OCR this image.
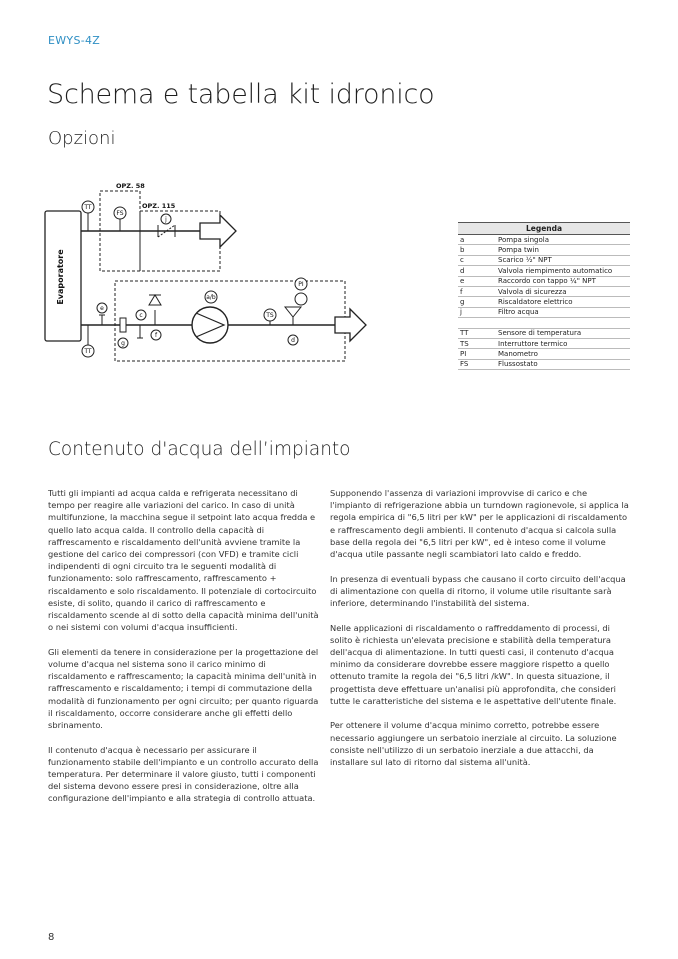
EWYS-4Z
Schema e tabella kit idronico
Opzioni
Evaporatore
OPZ. 58
OPZ. 115
TT
FS
j
TT
e
g
c
f
a/b
TS
PI
d
Legenda
a	Pompa singola
b	Pompa twin
c	Scarico ½" NPT
d	Valvola riempimento automatico
e	Raccordo con tappo ¼" NPT
f	Valvola di sicurezza
g	Riscaldatore elettrico
j	Filtro acqua
TT	Sensore di temperatura
TS	Interruttore termico
PI	Manometro
FS	Flussostato
Contenuto d'acqua dell’impianto

Tutti gli impianti ad acqua calda e refrigerata necessitano di tempo per reagire alle variazioni del carico. In caso di unità multifunzione, la macchina segue il setpoint lato acqua fredda e quello lato acqua calda. Il controllo della capacità di raffrescamento e riscaldamento dell'unità avviene tramite la gestione del carico dei compressori (con VFD) e tramite cicli indipendenti di ogni circuito tra le seguenti modalità di funzionamento: solo raffrescamento, raffrescamento + riscaldamento e solo riscaldamento. Il potenziale di cortocircuito esiste, di solito, quando il carico di raffrescamento e riscaldamento scende al di sotto della capacità minima dell'unità o nei sistemi con volumi d'acqua insufficienti.

Gli elementi da tenere in considerazione per la progettazione del volume d'acqua nel sistema sono il carico minimo di riscaldamento e raffrescamento; la capacità minima dell'unità in raffrescamento e riscaldamento; i tempi di commutazione della modalità di funzionamento per ogni circuito; per quanto riguarda il riscaldamento, occorre considerare anche gli effetti dello sbrinamento.

Il contenuto d'acqua è necessario per assicurare il funzionamento stabile dell'impianto e un controllo accurato della temperatura. Per determinare il valore giusto, tutti i componenti del sistema devono essere presi in considerazione, oltre alla configurazione dell'impianto e alla strategia di controllo attuata.

Supponendo l'assenza di variazioni improvvise di carico e che l'impianto di refrigerazione abbia un turndown ragionevole, si applica la regola empirica di "6,5 litri per kW" per le applicazioni di riscaldamento e raffrescamento degli ambienti. Il contenuto d'acqua si calcola sulla base della regola dei "6,5 litri per kW", ed è inteso come il volume d'acqua utile passante negli scambiatori lato caldo e freddo.

In presenza di eventuali bypass che causano il corto circuito dell'acqua di alimentazione con quella di ritorno, il volume utile risultante sarà inferiore, determinando l'instabilità del sistema.

Nelle applicazioni di riscaldamento o raffreddamento di processi, di solito è richiesta un'elevata precisione e stabilità della temperatura dell'acqua di alimentazione. In tutti questi casi, il contenuto d'acqua minimo da considerare dovrebbe essere maggiore rispetto a quello ottenuto tramite la regola dei "6,5 litri /kW". In questa situazione, il progettista deve effettuare un'analisi più approfondita, che consideri tutte le caratteristiche del sistema e le aspettative dell'utente finale.

Per ottenere il volume d'acqua minimo corretto, potrebbe essere necessario aggiungere un serbatoio inerziale al circuito. La soluzione consiste nell'utilizzo di un serbatoio inerziale a due attacchi, da installare sul lato di ritorno dal sistema all'unità.

8
